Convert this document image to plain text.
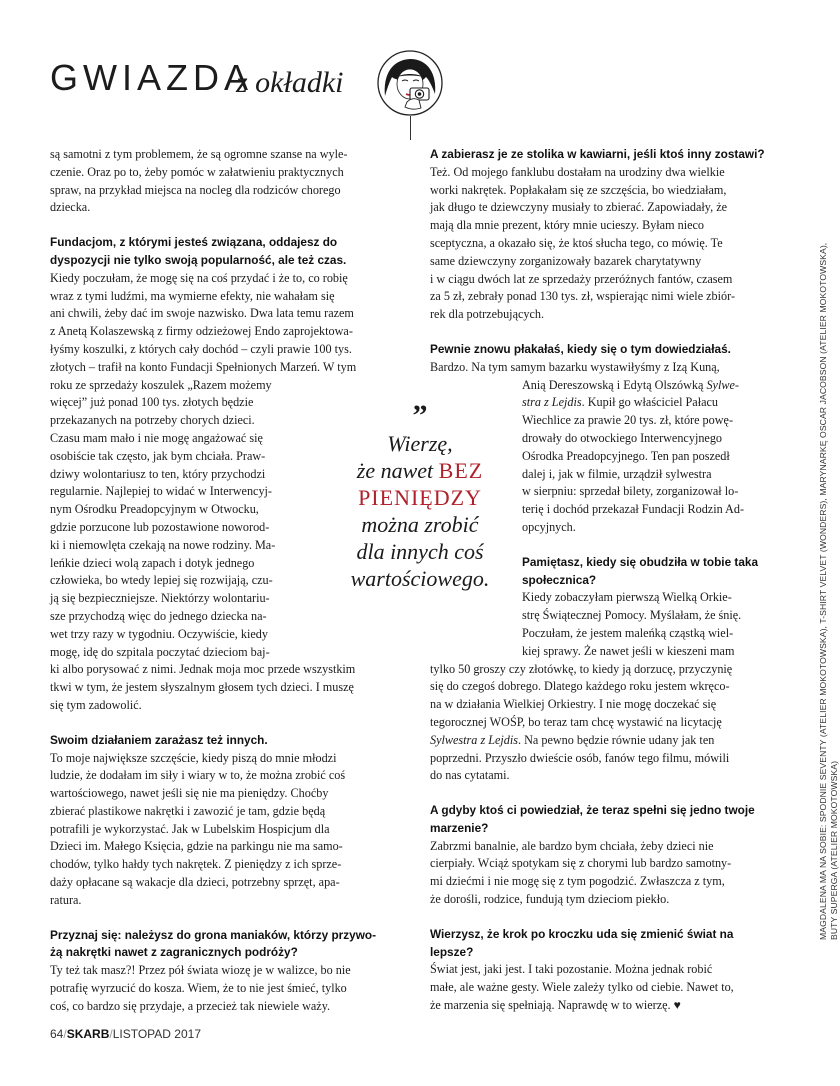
GWIAZDA
z okładki

są samotni z tym problemem, że są ogromne szanse na wyle-
czenie. Oraz po to, żeby pomóc w załatwieniu praktycznych
spraw, na przykład miejsca na nocleg dla rodziców chorego
dziecka.

Fundacjom, z którymi jesteś związana, oddajesz do
dyspozycji nie tylko swoją popularność, ale też czas.

Kiedy poczułam, że mogę się na coś przydać i że to, co robię
wraz z tymi ludźmi, ma wymierne efekty, nie wahałam się
ani chwili, żeby dać im swoje nazwisko. Dwa lata temu razem
z Anetą Kolaszewską z firmy odzieżowej Endo zaprojektowa-
łyśmy koszulki, z których cały dochód – czyli prawie 100 tys.
złotych – trafił na konto Fundacji Spełnionych Marzeń. W tym

roku ze sprzedaży koszulek „Razem możemy
więcej” już ponad 100 tys. złotych będzie
przekazanych na potrzeby chorych dzieci.
Czasu mam mało i nie mogę angażować się
osobiście tak często, jak bym chciała. Praw-
dziwy wolontariusz to ten, który przychodzi
regularnie. Najlepiej to widać w Interwencyj-
nym Ośrodku Preadopcyjnym w Otwocku,
gdzie porzucone lub pozostawione noworod-
ki i niemowlęta czekają na nowe rodziny. Ma-
leńkie dzieci wolą zapach i dotyk jednego
człowieka, bo wtedy lepiej się rozwijają, czu-
ją się bezpieczniejsze. Niektórzy wolontariu-
sze przychodzą więc do jednego dziecka na-
wet trzy razy w tygodniu. Oczywiście, kiedy
mogę, idę do szpitala poczytać dzieciom baj-

ki albo porysować z nimi. Jednak moja moc przede wszystkim
tkwi w tym, że jestem słyszalnym głosem tych dzieci. I muszę
się tym zadowolić.

Swoim działaniem zarażasz też innych.

To moje największe szczęście, kiedy piszą do mnie młodzi
ludzie, że dodałam im siły i wiary w to, że można zrobić coś
wartościowego, nawet jeśli się nie ma pieniędzy. Choćby
zbierać plastikowe nakrętki i zawozić je tam, gdzie będą
potrafili je wykorzystać. Jak w Lubelskim Hospicjum dla
Dzieci im. Małego Księcia, gdzie na parkingu nie ma samo-
chodów, tylko hałdy tych nakrętek. Z pieniędzy z ich sprze-
daży opłacane są wakacje dla dzieci, potrzebny sprzęt, apa-
ratura.

Przyznaj się: należysz do grona maniaków, którzy przywo-
żą nakrętki nawet z zagranicznych podróży?

Ty też tak masz?! Przez pół świata wiozę je w walizce, bo nie
potrafię wyrzucić do kosza. Wiem, że to nie jest śmieć, tylko
coś, co bardzo się przydaje, a przecież tak niewiele waży.

”
Wierzę,
że nawet BEZ
PIENIĘDZY
można zrobić
dla innych coś
wartościowego.

A zabierasz je ze stolika w kawiarni, jeśli ktoś inny zostawi?

Też. Od mojego fanklubu dostałam na urodziny dwa wielkie
worki nakrętek. Popłakałam się ze szczęścia, bo wiedziałam,
jak długo te dziewczyny musiały to zbierać. Zapowiadały, że
mają dla mnie prezent, który mnie ucieszy. Byłam nieco
sceptyczna, a okazało się, że ktoś słucha tego, co mówię. Te
same dziewczyny zorganizowały bazarek charytatywny
i w ciągu dwóch lat ze sprzedaży przeróżnych fantów, czasem
za 5 zł, zebrały ponad 130 tys. zł, wspierając nimi wiele zbiór-
rek dla potrzebujących.

Pewnie znowu płakałaś, kiedy się o tym dowiedziałaś.

Bardzo. Na tym samym bazarku wystawiłyśmy z Izą Kuną,

Anią Dereszowską i Edytą Olszówką Sylwe-
stra z Lejdis. Kupił go właściciel Pałacu
Wiechlice za prawie 20 tys. zł, które powę-
drowały do otwockiego Interwencyjnego
Ośrodka Preadopcyjnego. Ten pan poszedł
dalej i, jak w filmie, urządził sylwestra
w sierpniu: sprzedał bilety, zorganizował lo-
terię i dochód przekazał Fundacji Rodzin Ad-
opcyjnych.

Pamiętasz, kiedy się obudziła w tobie taka
społecznica?

Kiedy zobaczyłam pierwszą Wielką Orkie-
strę Świątecznej Pomocy. Myślałam, że śnię.
Poczułam, że jestem maleńką cząstką wiel-
kiej sprawy. Że nawet jeśli w kieszeni mam

tylko 50 groszy czy złotówkę, to kiedy ją dorzucę, przyczynię
się do czegoś dobrego. Dlatego każdego roku jestem wkręco-
na w działania Wielkiej Orkiestry. I nie mogę doczekać się
tegorocznej WOŚP, bo teraz tam chcę wystawić na licytację
Sylwestra z Lejdis. Na pewno będzie równie udany jak ten
poprzedni. Przyszło dwieście osób, fanów tego filmu, mówili
do nas cytatami.

A gdyby ktoś ci powiedział, że teraz spełni się jedno twoje
marzenie?

Zabrzmi banalnie, ale bardzo bym chciała, żeby dzieci nie
cierpiały. Wciąż spotykam się z chorymi lub bardzo samotny-
mi dziećmi i nie mogę się z tym pogodzić. Zwłaszcza z tym,
że dorośli, rodzice, fundują tym dzieciom piekło.

Wierzysz, że krok po kroczku uda się zmienić świat na
lepsze?

Świat jest, jaki jest. I taki pozostanie. Można jednak robić
małe, ale ważne gesty. Wiele zależy tylko od ciebie. Nawet to,
że marzenia się spełniają. Naprawdę w to wierzę. ♥

MAGDALENA MA NA SOBIE: SPODNIE SEVENTY (ATELIER MOKOTOWSKA), T-SHIRT VELVET (WONDERS), MARYNARKĘ OSCAR JACOBSON (ATELIER MOKOTOWSKA), BUTY SUPERGA (ATELIER MOKOTOWSKA)

64/SKARB/LISTOPAD 2017
